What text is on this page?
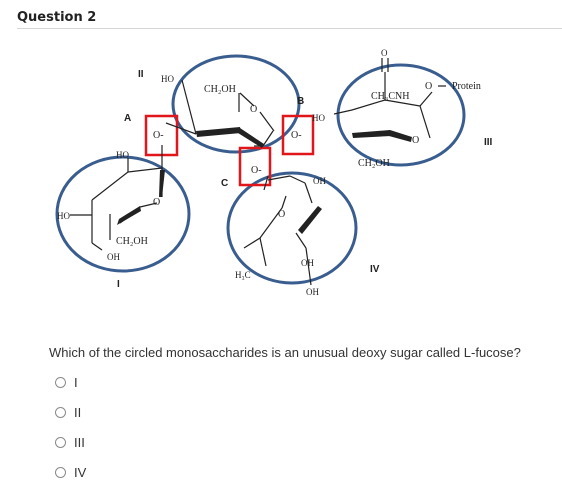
Question 2
HO
HO
CH₂OH
OH
O
O-
HO
CH₂OH
O
HO
CH₃CNH
O
O Protein
CH₂OH
O
O-
O-
OH
O
H₃C
OH
OH
A
B
C
II
III
I
IV
Which of the circled monosaccharides is an unusual deoxy sugar called L-fucose?
I
II
III
IV
